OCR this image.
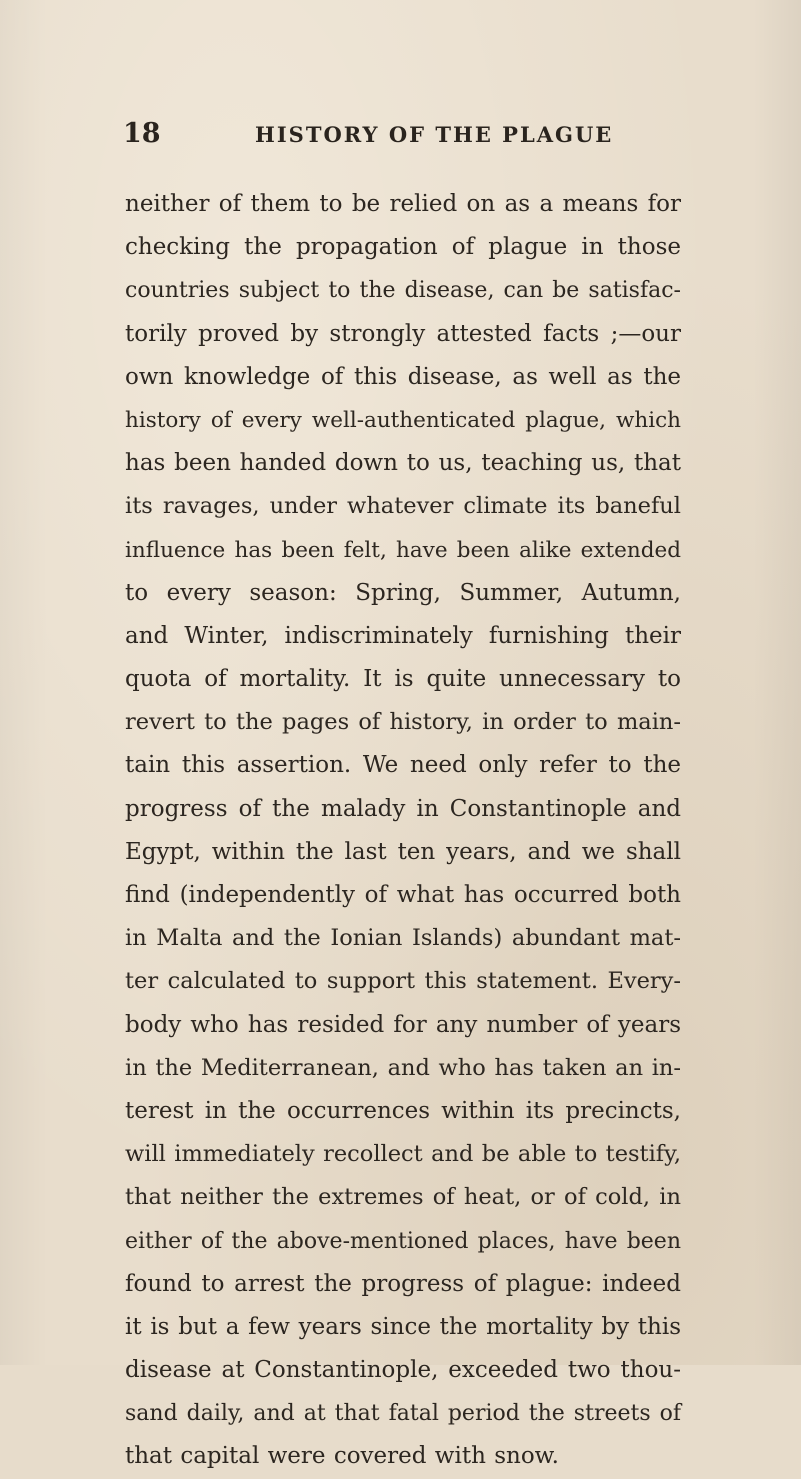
18	HISTORY OF THE PLAGUE
neither of them to be relied on as a means for
checking the propagation of plague in those
countries subject to the disease, can be satisfac-
torily proved by strongly attested facts ;—our
own knowledge of this disease, as well as the
history of every well-authenticated plague, which
has been handed down to us, teaching us, that
its ravages, under whatever climate its baneful
influence has been felt, have been alike extended
to every season: Spring, Summer, Autumn,
and Winter, indiscriminately furnishing their
quota of mortality. It is quite unnecessary to
revert to the pages of history, in order to main-
tain this assertion. We need only refer to the
progress of the malady in Constantinople and
Egypt, within the last ten years, and we shall
find (independently of what has occurred both
in Malta and the Ionian Islands) abundant mat-
ter calculated to support this statement. Every-
body who has resided for any number of years
in the Mediterranean, and who has taken an in-
terest in the occurrences within its precincts,
will immediately recollect and be able to testify,
that neither the extremes of heat, or of cold, in
either of the above-mentioned places, have been
found to arrest the progress of plague: indeed
it is but a few years since the mortality by this
disease at Constantinople, exceeded two thou-
sand daily, and at that fatal period the streets of
that capital were covered with snow.
